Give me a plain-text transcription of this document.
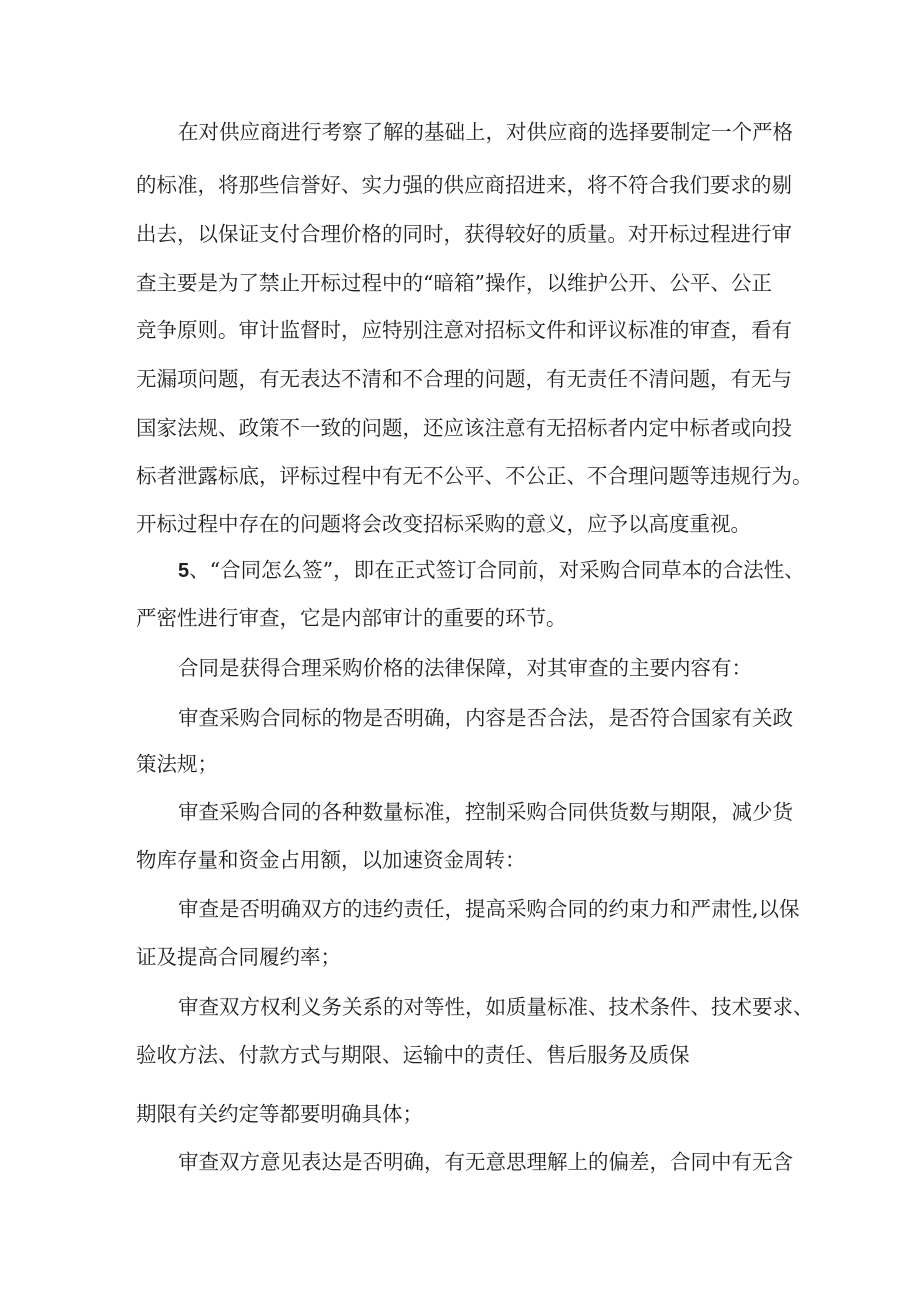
在对供应商进行考察了解的基础上，对供应商的选择要制定一个严格
的标准，将那些信誉好、实力强的供应商招进来，将不符合我们要求的剔
出去，以保证支付合理价格的同时，获得较好的质量。对开标过程进行审
查主要是为了禁止开标过程中的“暗箱”操作，以维护公开、公平、公正
竞争原则。审计监督时，应特别注意对招标文件和评议标准的审查，看有
无漏项问题，有无表达不清和不合理的问题，有无责任不清问题，有无与
国家法规、政策不一致的问题，还应该注意有无招标者内定中标者或向投
标者泄露标底，评标过程中有无不公平、不公正、不合理问题等违规行为。
开标过程中存在的问题将会改变招标采购的意义，应予以高度重视。
5、“合同怎么签”，即在正式签订合同前，对采购合同草本的合法性、
严密性进行审查，它是内部审计的重要的环节。
合同是获得合理采购价格的法律保障，对其审查的主要内容有：
审查采购合同标的物是否明确，内容是否合法，是否符合国家有关政
策法规；
审查采购合同的各种数量标准，控制采购合同供货数与期限，减少货
物库存量和资金占用额，以加速资金周转：
审查是否明确双方的违约责任，提高采购合同的约束力和严肃性,以保
证及提高合同履约率；
审查双方权利义务关系的对等性，如质量标准、技术条件、技术要求、
验收方法、付款方式与期限、运输中的责任、售后服务及质保
期限有关约定等都要明确具体；
审查双方意见表达是否明确，有无意思理解上的偏差，合同中有无含
